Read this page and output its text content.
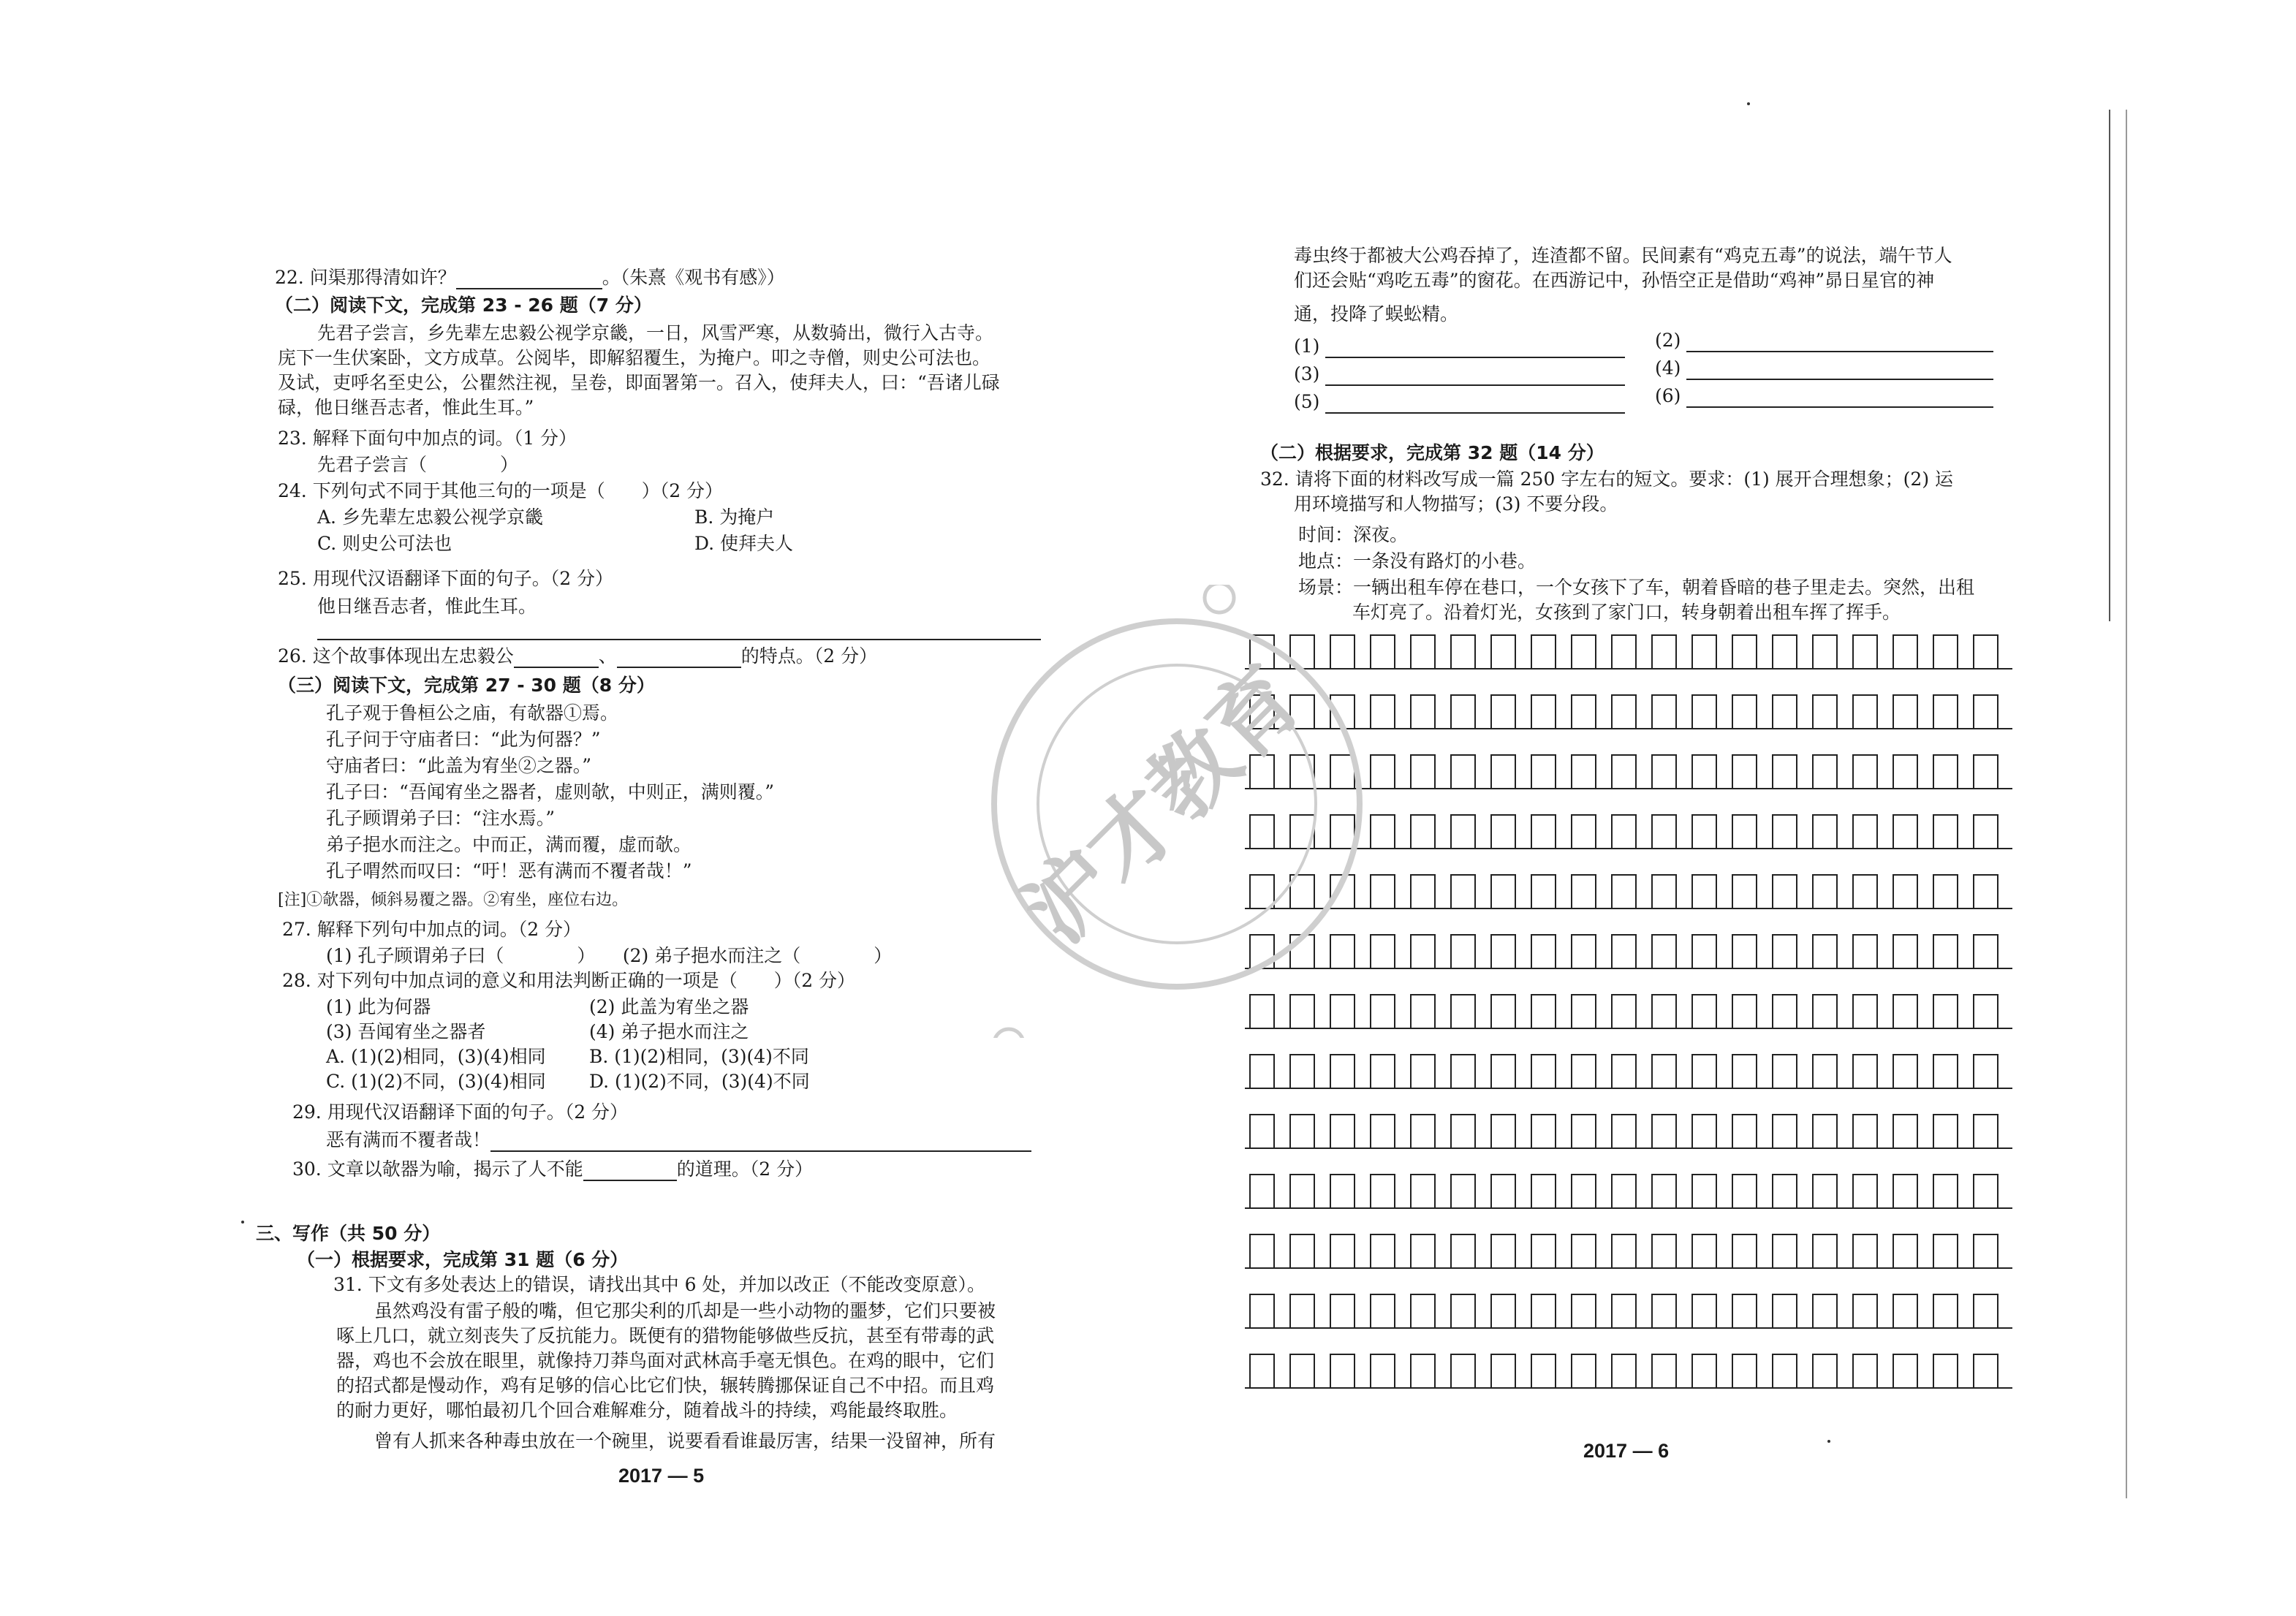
22. 问渠那得清如许？	。（朱熹《观书有感》）
（二）阅读下文，完成第 23 - 26 题（7 分）
先君子尝言，乡先辈左忠毅公视学京畿，一日，风雪严寒，从数骑出，微行入古寺。
庑下一生伏案卧，文方成草。公阅毕，即解貂覆生，为掩户。叩之寺僧，则史公可法也。
及试，吏呼名至史公，公瞿然注视，呈卷，即面署第一。召入，使拜夫人，曰：“吾诸儿碌
碌，他日继吾志者，惟此生耳。”
23. 解释下面句中加点的词。（1 分）
先君子尝言（　　　　）
24. 下列句式不同于其他三句的一项是（　　）（2 分）
A. 乡先辈左忠毅公视学京畿	B. 为掩户
C. 则史公可法也	D. 使拜夫人
25. 用现代汉语翻译下面的句子。（2 分）
他日继吾志者，惟此生耳。
26. 这个故事体现出左忠毅公	、	的特点。（2 分）
（三）阅读下文，完成第 27 - 30 题（8 分）
孔子观于鲁桓公之庙，有欹器①焉。
孔子问于守庙者曰：“此为何器？”
守庙者曰：“此盖为宥坐②之器。”
孔子曰：“吾闻宥坐之器者，虚则欹，中则正，满则覆。”
孔子顾谓弟子曰：“注水焉。”
弟子挹水而注之。中而正，满而覆，虚而欹。
孔子喟然而叹曰：“吁！恶有满而不覆者哉！”
[注]①欹器，倾斜易覆之器。②宥坐，座位右边。
27. 解释下列句中加点的词。（2 分）
(1) 孔子顾谓弟子曰（　　　　）　　(2) 弟子挹水而注之（　　　　）
28. 对下列句中加点词的意义和用法判断正确的一项是（　　）（2 分）
(1) 此为何器	(2) 此盖为宥坐之器
(3) 吾闻宥坐之器者	(4) 弟子挹水而注之
A. (1)(2)相同，(3)(4)相同 B. (1)(2)相同，(3)(4)不同
C. (1)(2)不同，(3)(4)相同 D. (1)(2)不同，(3)(4)不同
29. 用现代汉语翻译下面的句子。（2 分）
恶有满而不覆者哉！
30. 文章以欹器为喻，揭示了人不能	的道理。（2 分）
三、写作（共 50 分）
（一）根据要求，完成第 31 题（6 分）
31. 下文有多处表达上的错误，请找出其中 6 处，并加以改正（不能改变原意）。
虽然鸡没有雷子般的嘴，但它那尖利的爪却是一些小动物的噩梦，它们只要被
啄上几口，就立刻丧失了反抗能力。既便有的猎物能够做些反抗，甚至有带毒的武
器，鸡也不会放在眼里，就像持刀莽鸟面对武林高手毫无惧色。在鸡的眼中，它们
的招式都是慢动作，鸡有足够的信心比它们快，辗转腾挪保证自己不中招。而且鸡
的耐力更好，哪怕最初几个回合难解难分，随着战斗的持续，鸡能最终取胜。
曾有人抓来各种毒虫放在一个碗里，说要看看谁最厉害，结果一没留神，所有
2017 — 5
毒虫终于都被大公鸡吞掉了，连渣都不留。民间素有“鸡克五毒”的说法，端午节人
们还会贴“鸡吃五毒”的窗花。在西游记中，孙悟空正是借助“鸡神”昴日星官的神
通，投降了蜈蚣精。
(1)	(2)
(3)	(4)
(5)	(6)
（二）根据要求，完成第 32 题（14 分）
32. 请将下面的材料改写成一篇 250 字左右的短文。要求：(1) 展开合理想象；(2) 运
用环境描写和人物描写；(3) 不要分段。
时间：深夜。
地点：一条没有路灯的小巷。
场景：一辆出租车停在巷口，一个女孩下了车，朝着昏暗的巷子里走去。突然，出租
车灯亮了。沿着灯光，女孩到了家门口，转身朝着出租车挥了挥手。
2017 — 6
沪才教育
